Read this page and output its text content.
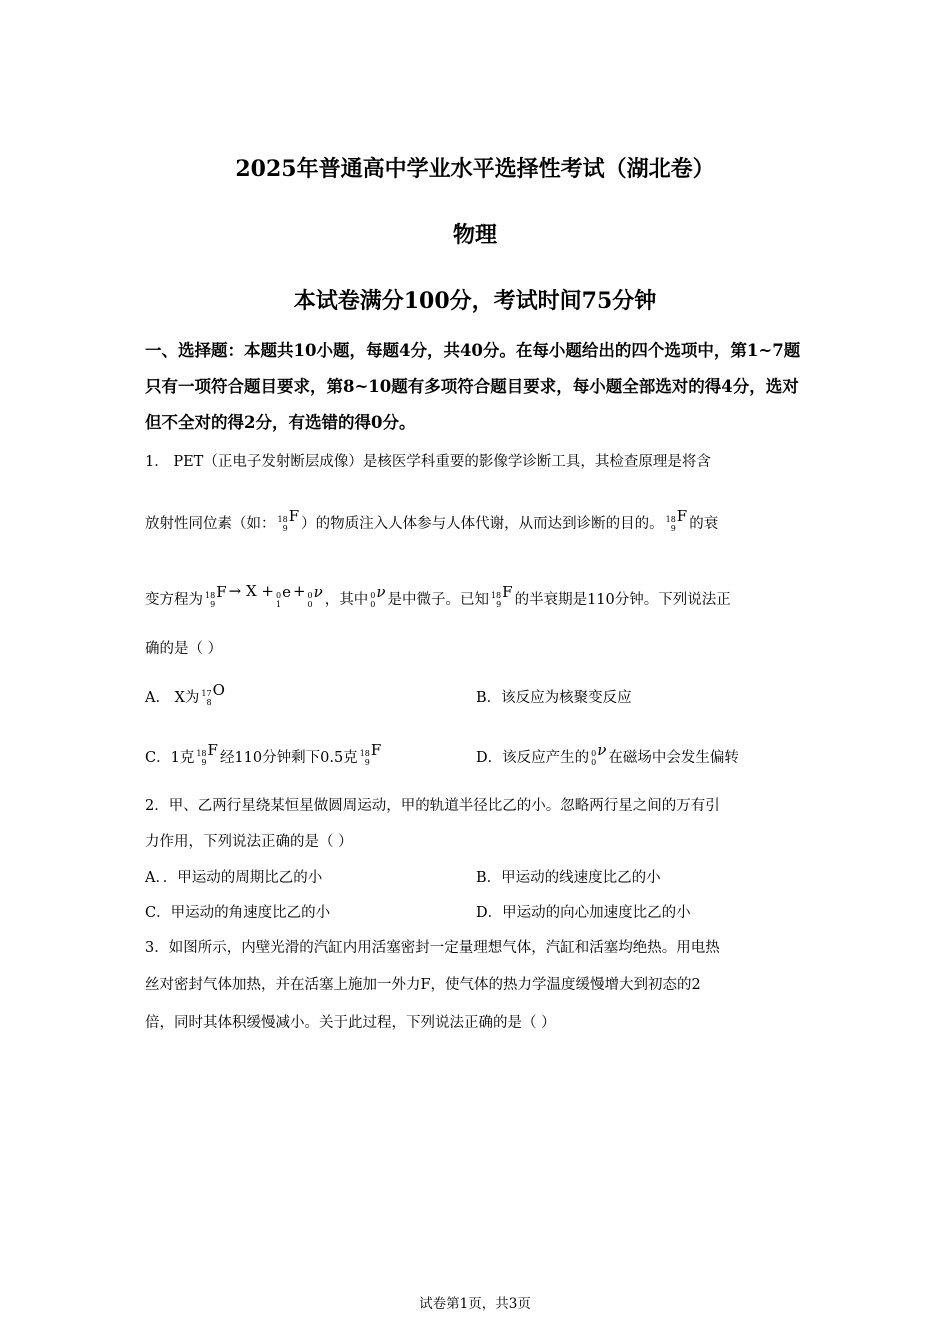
2025年普通高中学业水平选择性考试（湖北卷）
物理
本试卷满分100分，考试时间75分钟
一、选择题：本题共10小题，每题4分，共40分。在每小题给出的四个选项中，第1~7题只有一项符合题目要求，第8~10题有多项符合题目要求，每小题全部选对的得4分，选对但不全对的得2分，有选错的得0分。
1． PET（正电子发射断层成像）是核医学科重要的影像学诊断工具，其检查原理是将含
放射性同位素（如： 18
9
F ）的物质注入人体参与人体代谢，从而达到诊断的目的。 18
9
F 的衰
变方程为 18
9
F → X + 0
1
e + 0
0
ν ，其中 0
0
ν 是中微子。已知 18
9
F 的半衰期是110分钟。下列说法正
确的是（ ）
A． X为 17
8
O	B．该反应为核聚变反应
C．1克 18
9
F 经110分钟剩下0.5克 18
9
F	D．该反应产生的 0
0
ν 在磁场中会发生偏转
2．甲、乙两行星绕某恒星做圆周运动，甲的轨道半径比乙的小。忽略两行星之间的万有引
力作用，下列说法正确的是（ ）
A．．甲运动的周期比乙的小	B．甲运动的线速度比乙的小
C．甲运动的角速度比乙的小	D．甲运动的向心加速度比乙的小
3．如图所示，内壁光滑的汽缸内用活塞密封一定量理想气体，汽缸和活塞均绝热。用电热
丝对密封气体加热，并在活塞上施加一外力F，使气体的热力学温度缓慢增大到初态的2
倍，同时其体积缓慢减小。关于此过程，下列说法正确的是（ ）
试卷第1页，共3页
